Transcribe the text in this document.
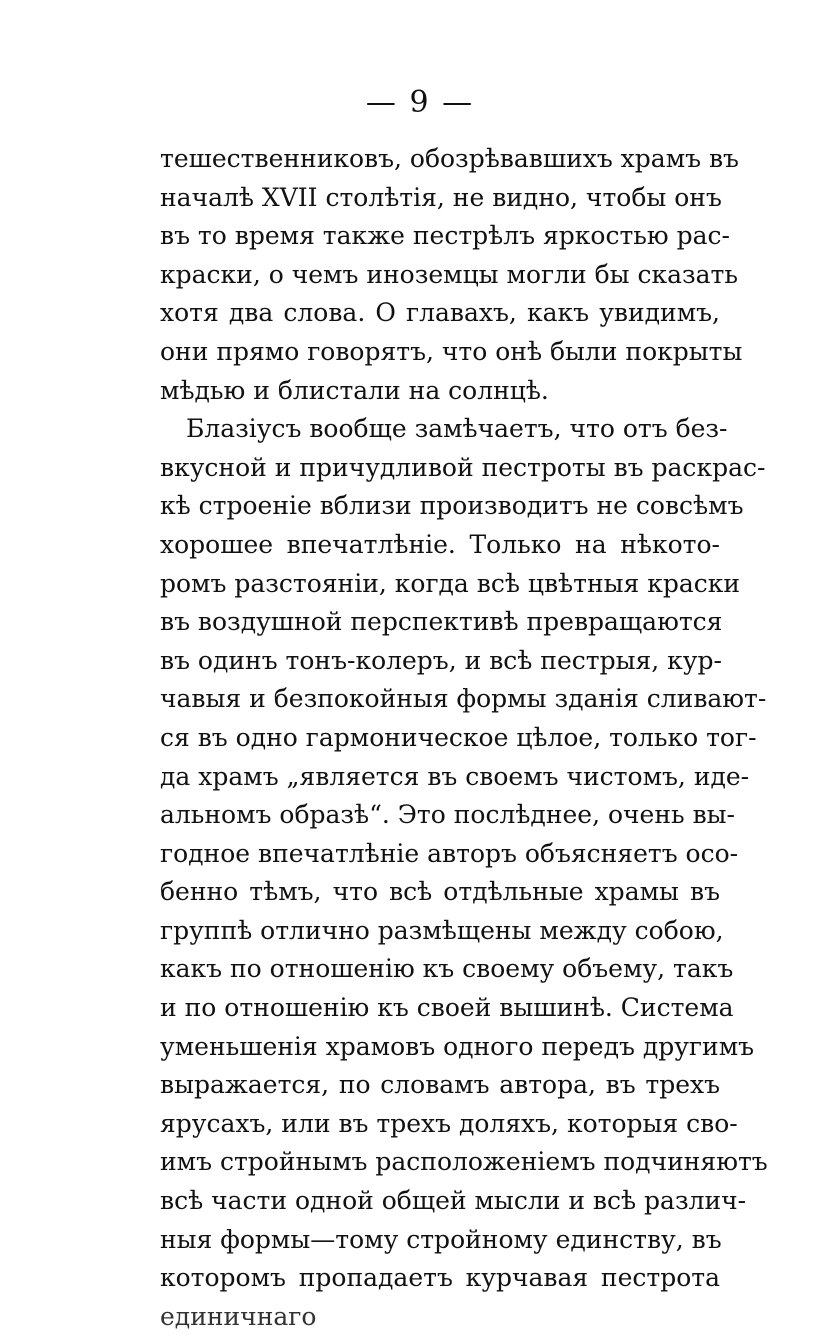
— 9 —
тешественниковъ, обозрѣвавшихъ храмъ въ
началѣ XVII столѣтія, не видно, чтобы онъ
въ то время также пестрѣлъ яркостью рас-
краски, о чемъ иноземцы могли бы сказать
хотя два слова. О главахъ, какъ увидимъ,
они прямо говорятъ, что онѣ были покрыты
мѣдью и блистали на солнцѣ.
Блазіусъ вообще замѣчаетъ, что отъ без-
вкусной и причудливой пестроты въ раскрас-
кѣ строеніе вблизи производитъ не совсѣмъ
хорошее впечатлѣніе. Только на нѣкото-
ромъ разстояніи, когда всѣ цвѣтныя краски
въ воздушной перспективѣ превращаются
въ одинъ тонъ-колеръ, и всѣ пестрыя, кур-
чавыя и безпокойныя формы зданія сливают-
ся въ одно гармоническое цѣлое, только тог-
да храмъ „является въ своемъ чистомъ, иде-
альномъ образѣ“. Это послѣднее, очень вы-
годное впечатлѣніе авторъ объясняетъ осо-
бенно тѣмъ, что всѣ отдѣльные храмы въ
группѣ отлично размѣщены между собою,
какъ по отношенію къ своему объему, такъ
и по отношенію къ своей вышинѣ. Система
уменьшенія храмовъ одного передъ другимъ
выражается, по словамъ автора, въ трехъ
ярусахъ, или въ трехъ доляхъ, которыя сво-
имъ стройнымъ расположеніемъ подчиняютъ
всѣ части одной общей мысли и всѣ различ-
ныя формы—тому стройному единству, въ
которомъ пропадаетъ курчавая пестрота
единичнаго
